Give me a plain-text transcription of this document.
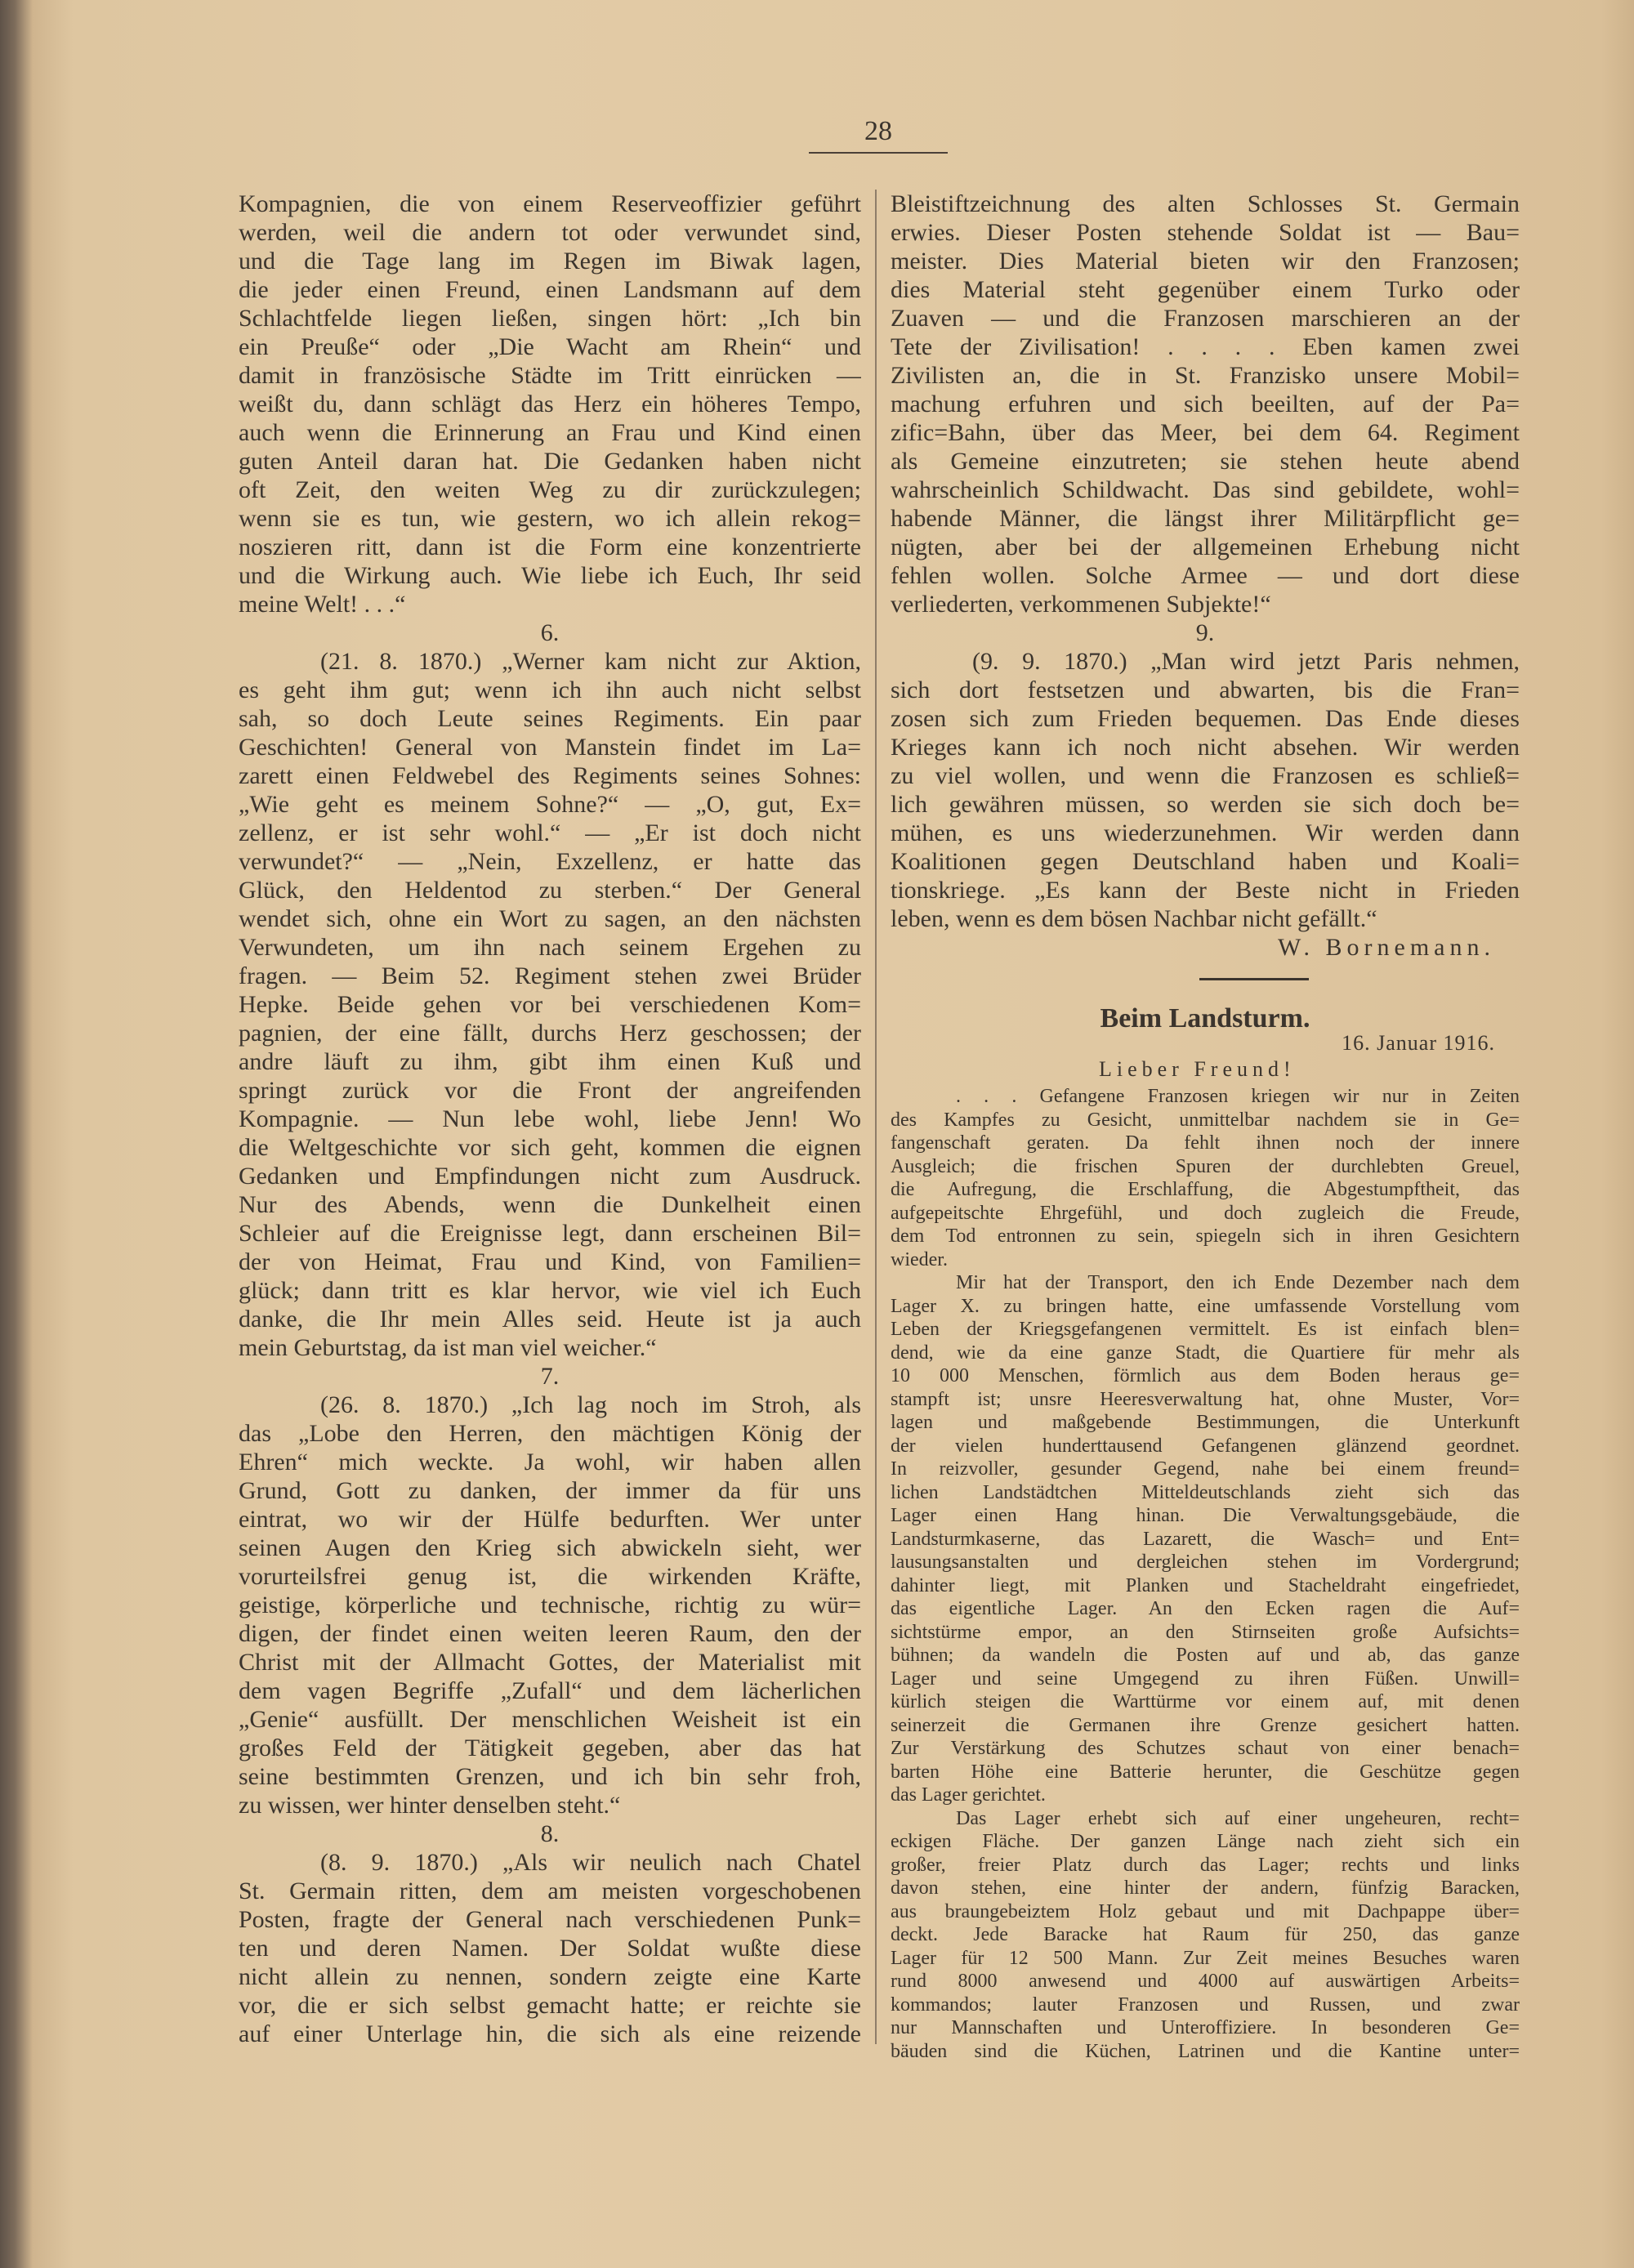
28
Kompagnien, die von einem Reserveoffizier geführt
werden, weil die andern tot oder verwundet sind,
und die Tage lang im Regen im Biwak lagen,
die jeder einen Freund, einen Landsmann auf dem
Schlachtfelde liegen ließen, singen hört: „Ich bin
ein Preuße“ oder „Die Wacht am Rhein“ und
damit in französische Städte im Tritt einrücken —
weißt du, dann schlägt das Herz ein höheres Tempo,
auch wenn die Erinnerung an Frau und Kind einen
guten Anteil daran hat. Die Gedanken haben nicht
oft Zeit, den weiten Weg zu dir zurückzulegen;
wenn sie es tun, wie gestern, wo ich allein rekog=
noszieren ritt, dann ist die Form eine konzentrierte
und die Wirkung auch. Wie liebe ich Euch, Ihr seid
meine Welt! . . .“
6.
(21. 8. 1870.) „Werner kam nicht zur Aktion,
es geht ihm gut; wenn ich ihn auch nicht selbst
sah, so doch Leute seines Regiments. Ein paar
Geschichten! General von Manstein findet im La=
zarett einen Feldwebel des Regiments seines Sohnes:
„Wie geht es meinem Sohne?“ — „O, gut, Ex=
zellenz, er ist sehr wohl.“ — „Er ist doch nicht
verwundet?“ — „Nein, Exzellenz, er hatte das
Glück, den Heldentod zu sterben.“ Der General
wendet sich, ohne ein Wort zu sagen, an den nächsten
Verwundeten, um ihn nach seinem Ergehen zu
fragen. — Beim 52. Regiment stehen zwei Brüder
Hepke. Beide gehen vor bei verschiedenen Kom=
pagnien, der eine fällt, durchs Herz geschossen; der
andre läuft zu ihm, gibt ihm einen Kuß und
springt zurück vor die Front der angreifenden
Kompagnie. — Nun lebe wohl, liebe Jenn! Wo
die Weltgeschichte vor sich geht, kommen die eignen
Gedanken und Empfindungen nicht zum Ausdruck.
Nur des Abends, wenn die Dunkelheit einen
Schleier auf die Ereignisse legt, dann erscheinen Bil=
der von Heimat, Frau und Kind, von Familien=
glück; dann tritt es klar hervor, wie viel ich Euch
danke, die Ihr mein Alles seid. Heute ist ja auch
mein Geburtstag, da ist man viel weicher.“
7.
(26. 8. 1870.) „Ich lag noch im Stroh, als
das „Lobe den Herren, den mächtigen König der
Ehren“ mich weckte. Ja wohl, wir haben allen
Grund, Gott zu danken, der immer da für uns
eintrat, wo wir der Hülfe bedurften. Wer unter
seinen Augen den Krieg sich abwickeln sieht, wer
vorurteilsfrei genug ist, die wirkenden Kräfte,
geistige, körperliche und technische, richtig zu wür=
digen, der findet einen weiten leeren Raum, den der
Christ mit der Allmacht Gottes, der Materialist mit
dem vagen Begriffe „Zufall“ und dem lächerlichen
„Genie“ ausfüllt. Der menschlichen Weisheit ist ein
großes Feld der Tätigkeit gegeben, aber das hat
seine bestimmten Grenzen, und ich bin sehr froh,
zu wissen, wer hinter denselben steht.“
8.
(8. 9. 1870.) „Als wir neulich nach Chatel
St. Germain ritten, dem am meisten vorgeschobenen
Posten, fragte der General nach verschiedenen Punk=
ten und deren Namen. Der Soldat wußte diese
nicht allein zu nennen, sondern zeigte eine Karte
vor, die er sich selbst gemacht hatte; er reichte sie
auf einer Unterlage hin, die sich als eine reizende
Bleistiftzeichnung des alten Schlosses St. Germain
erwies. Dieser Posten stehende Soldat ist — Bau=
meister. Dies Material bieten wir den Franzosen;
dies Material steht gegenüber einem Turko oder
Zuaven — und die Franzosen marschieren an der
Tete der Zivilisation! . . . . Eben kamen zwei
Zivilisten an, die in St. Franzisko unsere Mobil=
machung erfuhren und sich beeilten, auf der Pa=
zific=Bahn, über das Meer, bei dem 64. Regiment
als Gemeine einzutreten; sie stehen heute abend
wahrscheinlich Schildwacht. Das sind gebildete, wohl=
habende Männer, die längst ihrer Militärpflicht ge=
nügten, aber bei der allgemeinen Erhebung nicht
fehlen wollen. Solche Armee — und dort diese
verliederten, verkommenen Subjekte!“
9.
(9. 9. 1870.) „Man wird jetzt Paris nehmen,
sich dort festsetzen und abwarten, bis die Fran=
zosen sich zum Frieden bequemen. Das Ende dieses
Krieges kann ich noch nicht absehen. Wir werden
zu viel wollen, und wenn die Franzosen es schließ=
lich gewähren müssen, so werden sie sich doch be=
mühen, es uns wiederzunehmen. Wir werden dann
Koalitionen gegen Deutschland haben und Koali=
tionskriege. „Es kann der Beste nicht in Frieden
leben, wenn es dem bösen Nachbar nicht gefällt.“
W. Bornemann.
Beim Landsturm.
16. Januar 1916.
Lieber Freund!
. . . Gefangene Franzosen kriegen wir nur in Zeiten
des Kampfes zu Gesicht, unmittelbar nachdem sie in Ge=
fangenschaft geraten. Da fehlt ihnen noch der innere
Ausgleich; die frischen Spuren der durchlebten Greuel,
die Aufregung, die Erschlaffung, die Abgestumpftheit, das
aufgepeitschte Ehrgefühl, und doch zugleich die Freude,
dem Tod entronnen zu sein, spiegeln sich in ihren Gesichtern
wieder.
Mir hat der Transport, den ich Ende Dezember nach dem
Lager X. zu bringen hatte, eine umfassende Vorstellung vom
Leben der Kriegsgefangenen vermittelt. Es ist einfach blen=
dend, wie da eine ganze Stadt, die Quartiere für mehr als
10 000 Menschen, förmlich aus dem Boden heraus ge=
stampft ist; unsre Heeresverwaltung hat, ohne Muster, Vor=
lagen und maßgebende Bestimmungen, die Unterkunft
der vielen hunderttausend Gefangenen glänzend geordnet.
In reizvoller, gesunder Gegend, nahe bei einem freund=
lichen Landstädtchen Mitteldeutschlands zieht sich das
Lager einen Hang hinan. Die Verwaltungsgebäude, die
Landsturmkaserne, das Lazarett, die Wasch= und Ent=
lausungsanstalten und dergleichen stehen im Vordergrund;
dahinter liegt, mit Planken und Stacheldraht eingefriedet,
das eigentliche Lager. An den Ecken ragen die Auf=
sichtstürme empor, an den Stirnseiten große Aufsichts=
bühnen; da wandeln die Posten auf und ab, das ganze
Lager und seine Umgegend zu ihren Füßen. Unwill=
kürlich steigen die Warttürme vor einem auf, mit denen
seinerzeit die Germanen ihre Grenze gesichert hatten.
Zur Verstärkung des Schutzes schaut von einer benach=
barten Höhe eine Batterie herunter, die Geschütze gegen
das Lager gerichtet.
Das Lager erhebt sich auf einer ungeheuren, recht=
eckigen Fläche. Der ganzen Länge nach zieht sich ein
großer, freier Platz durch das Lager; rechts und links
davon stehen, eine hinter der andern, fünfzig Baracken,
aus braungebeiztem Holz gebaut und mit Dachpappe über=
deckt. Jede Baracke hat Raum für 250, das ganze
Lager für 12 500 Mann. Zur Zeit meines Besuches waren
rund 8000 anwesend und 4000 auf auswärtigen Arbeits=
kommandos; lauter Franzosen und Russen, und zwar
nur Mannschaften und Unteroffiziere. In besonderen Ge=
bäuden sind die Küchen, Latrinen und die Kantine unter=
